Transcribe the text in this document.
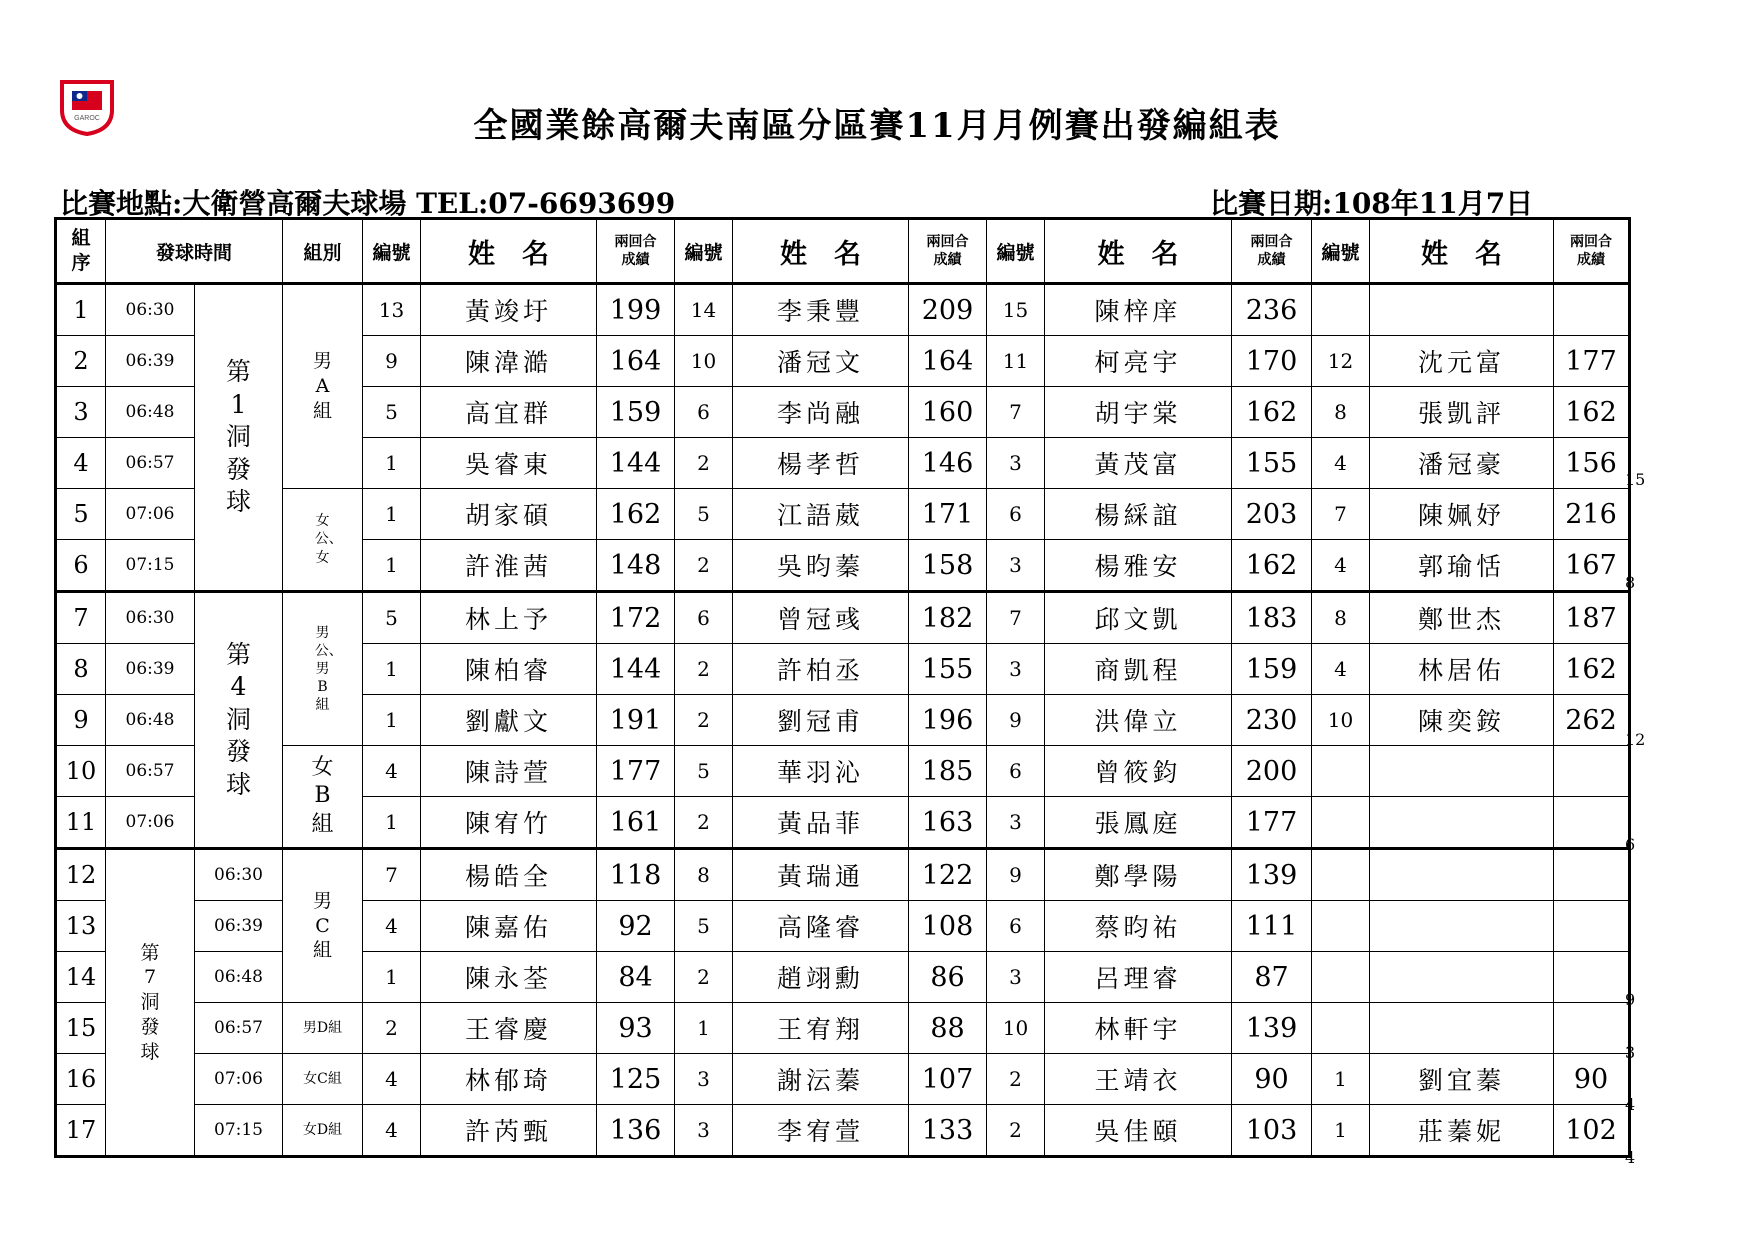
GAROC	全國業餘高爾夫南區分區賽11月月例賽出發編組表
比賽地點:大衛營高爾夫球場 TEL:07-6693699	比賽日期:108年11月7日
組序	發球時間		組別	編號	姓　名	兩回合成績	編號	姓　名	兩回合成績	編號	姓　名	兩回合成績	編號	姓　名	兩回合成績
1	06:30	第1洞發球	男A組	13	黃竣圩	199	14	李秉豐	209	15	陳梓庠	236			
2	06:39			9	陳湋澔	164	10	潘冠文	164	11	柯亮宇	170	12	沈元富	177
3	06:48			5	高宜群	159	6	李尚融	160	7	胡宇棠	162	8	張凱評	162
4	06:57			1	吳睿東	144	2	楊孝哲	146	3	黃茂富	155	4	潘冠豪	156
5	07:06		女公、女	1	胡家碩	162	5	江語葳	171	6	楊綵誼	203	7	陳姵妤	216
6	07:15			1	許淮茜	148	2	吳昀蓁	158	3	楊雅安	162	4	郭瑜恬	167
7	06:30	第4洞發球	男公、男B組	5	林上予	172	6	曾冠彧	182	7	邱文凱	183	8	鄭世杰	187
8	06:39			1	陳柏睿	144	2	許柏丞	155	3	商凱程	159	4	林居佑	162
9	06:48			1	劉獻文	191	2	劉冠甫	196	9	洪偉立	230	10	陳奕銨	262
10	06:57		女B組	4	陳詩萱	177	5	華羽沁	185	6	曾筱鈞	200			
11	07:06			1	陳宥竹	161	2	黃品菲	163	3	張鳳庭	177			
12	第7洞發球	06:30	男C組	7	楊皓全	118	8	黃瑞通	122	9	鄭學陽	139			
13		06:39		4	陳嘉佑	92	5	高隆睿	108	6	蔡昀祐	111			
14		06:48		1	陳永荃	84	2	趙翊勳	86	3	呂理睿	87			
15		06:57	男D組	2	王睿慶	93	1	王宥翔	88	10	林軒宇	139			
16		07:06	女C組	4	林郁琦	125	3	謝沄蓁	107	2	王靖衣	90	1	劉宜蓁	90
17		07:15	女D組	4	許芮甄	136	3	李宥萱	133	2	吳佳頤	103	1	莊蓁妮	102
15
8
12
6
9
3
4
4
